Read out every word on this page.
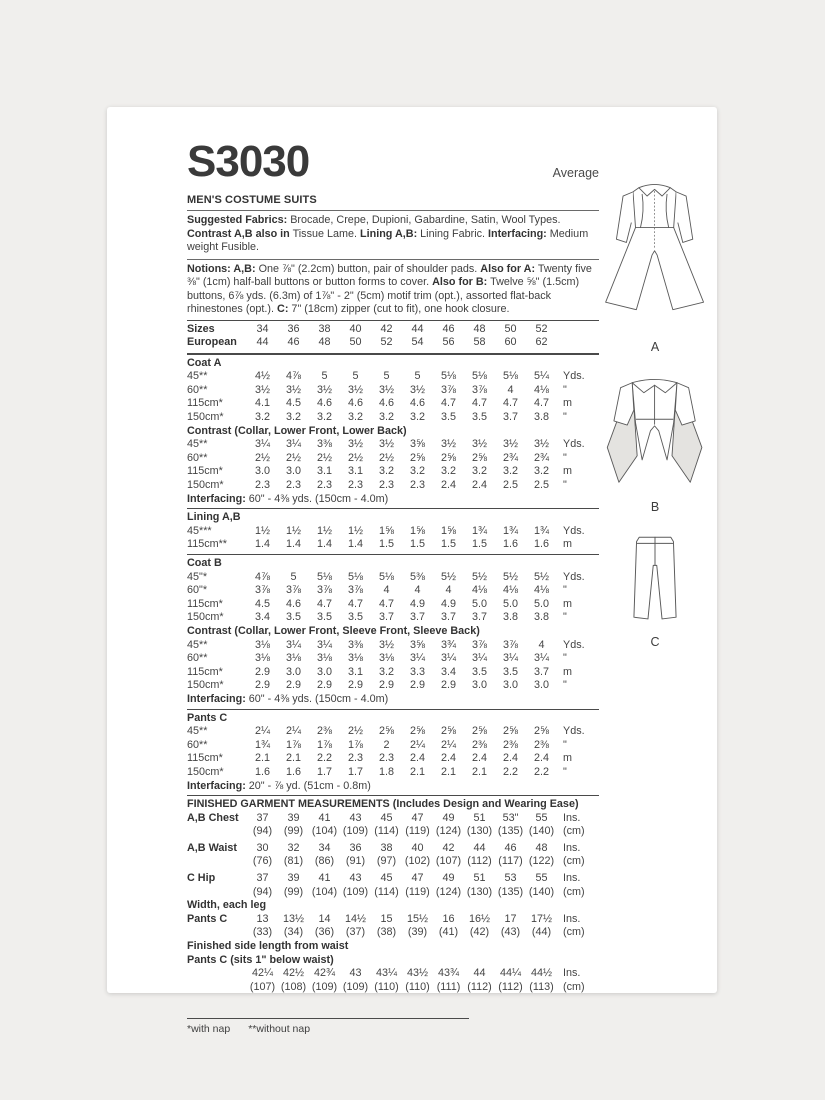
S3030	Average
MEN'S COSTUME SUITS
Suggested Fabrics: Brocade, Crepe, Dupioni, Gabardine, Satin, Wool Types. Contrast A,B also in Tissue Lame. Lining A,B: Lining Fabric. Interfacing: Medium weight Fusible.
Notions: A,B: One ⅞" (2.2cm) button, pair of shoulder pads. Also for A: Twenty five ⅜" (1cm) half-ball buttons or button forms to cover. Also for B: Twelve ⅝" (1.5cm) buttons, 6⅞ yds. (6.3m) of 1⅞" - 2" (5cm) motif trim (opt.), assorted flat-back rhinestones (opt.). C: 7" (18cm) zipper (cut to fit), one hook closure.
Sizes	34	36	38	40	42	44	46	48	50	52
European	44	46	48	50	52	54	56	58	60	62
Coat A
45**	4½	4⅞	5	5	5	5	5⅛	5⅛	5⅛	5¼	Yds.
60**	3½	3½	3½	3½	3½	3½	3⅞	3⅞	4	4⅛	"
115cm*	4.1	4.5	4.6	4.6	4.6	4.6	4.7	4.7	4.7	4.7	m
150cm*	3.2	3.2	3.2	3.2	3.2	3.2	3.5	3.5	3.7	3.8	"
Contrast (Collar, Lower Front, Lower Back)
45**	3¼	3¼	3⅜	3½	3½	3⅝	3½	3½	3½	3½	Yds.
60**	2½	2½	2½	2½	2½	2⅝	2⅝	2⅝	2¾	2¾	"
115cm*	3.0	3.0	3.1	3.1	3.2	3.2	3.2	3.2	3.2	3.2	m
150cm*	2.3	2.3	2.3	2.3	2.3	2.3	2.4	2.4	2.5	2.5	"
Interfacing: 60" - 4⅜ yds. (150cm - 4.0m)
Lining A,B
45***	1½	1½	1½	1½	1⅝	1⅝	1⅝	1¾	1¾	1¾	Yds.
115cm**	1.4	1.4	1.4	1.4	1.5	1.5	1.5	1.5	1.6	1.6	m
Coat B
45"*	4⅞	5	5⅛	5⅛	5⅛	5⅜	5½	5½	5½	5½	Yds.
60"*	3⅞	3⅞	3⅞	3⅞	4	4	4	4⅛	4⅛	4⅛	"
115cm*	4.5	4.6	4.7	4.7	4.7	4.9	4.9	5.0	5.0	5.0	m
150cm*	3.4	3.5	3.5	3.5	3.7	3.7	3.7	3.7	3.8	3.8	"
Contrast (Collar, Lower Front, Sleeve Front, Sleeve Back)
45**	3⅛	3¼	3¼	3⅜	3½	3⅝	3¾	3⅞	3⅞	4	Yds.
60**	3⅛	3⅛	3⅛	3⅛	3⅛	3¼	3¼	3¼	3¼	3¼	"
115cm*	2.9	3.0	3.0	3.1	3.2	3.3	3.4	3.5	3.5	3.7	m
150cm*	2.9	2.9	2.9	2.9	2.9	2.9	2.9	3.0	3.0	3.0	"
Interfacing: 60" - 4⅜ yds. (150cm - 4.0m)
Pants C
45**	2¼	2¼	2⅜	2½	2⅝	2⅝	2⅝	2⅝	2⅝	2⅝	Yds.
60**	1¾	1⅞	1⅞	1⅞	2	2¼	2¼	2⅜	2⅜	2⅜	"
115cm*	2.1	2.1	2.2	2.3	2.3	2.4	2.4	2.4	2.4	2.4	m
150cm*	1.6	1.6	1.7	1.7	1.8	2.1	2.1	2.1	2.2	2.2	"
Interfacing: 20" - ⅞ yd. (51cm - 0.8m)
FINISHED GARMENT MEASUREMENTS (Includes Design and Wearing Ease)
A,B Chest	37	39	41	43	45	47	49	51	53"	55	Ins.
(94)	(99) (104) (109) (114) (119) (124) (130) (135) (140) (cm)
A,B Waist	30	32	34	36	38	40	42	44	46	48	Ins.
(76)	(81)	(86)	(91)	(97) (102) (107) (112) (117) (122) (cm)
C Hip	37	39	41	43	45	47	49	51	53	55	Ins.
(94)	(99) (104) (109) (114) (119) (124) (130) (135) (140) (cm)
Width, each leg
Pants C	13	13½	14	14½	15	15½	16	16½	17	17½	Ins.
(33)	(34)	(36)	(37)	(38)	(39)	(41)	(42)	(43)	(44)	(cm)
Finished side length from waist
Pants C (sits 1" below waist)
42¼ 42½ 42¾	43	43¼ 43½ 43¾	44	44¼ 44½	Ins.
(107) (108) (109) (109) (110) (110) (111) (112) (112) (113) (cm)
*with nap **without nap
A
B
C
